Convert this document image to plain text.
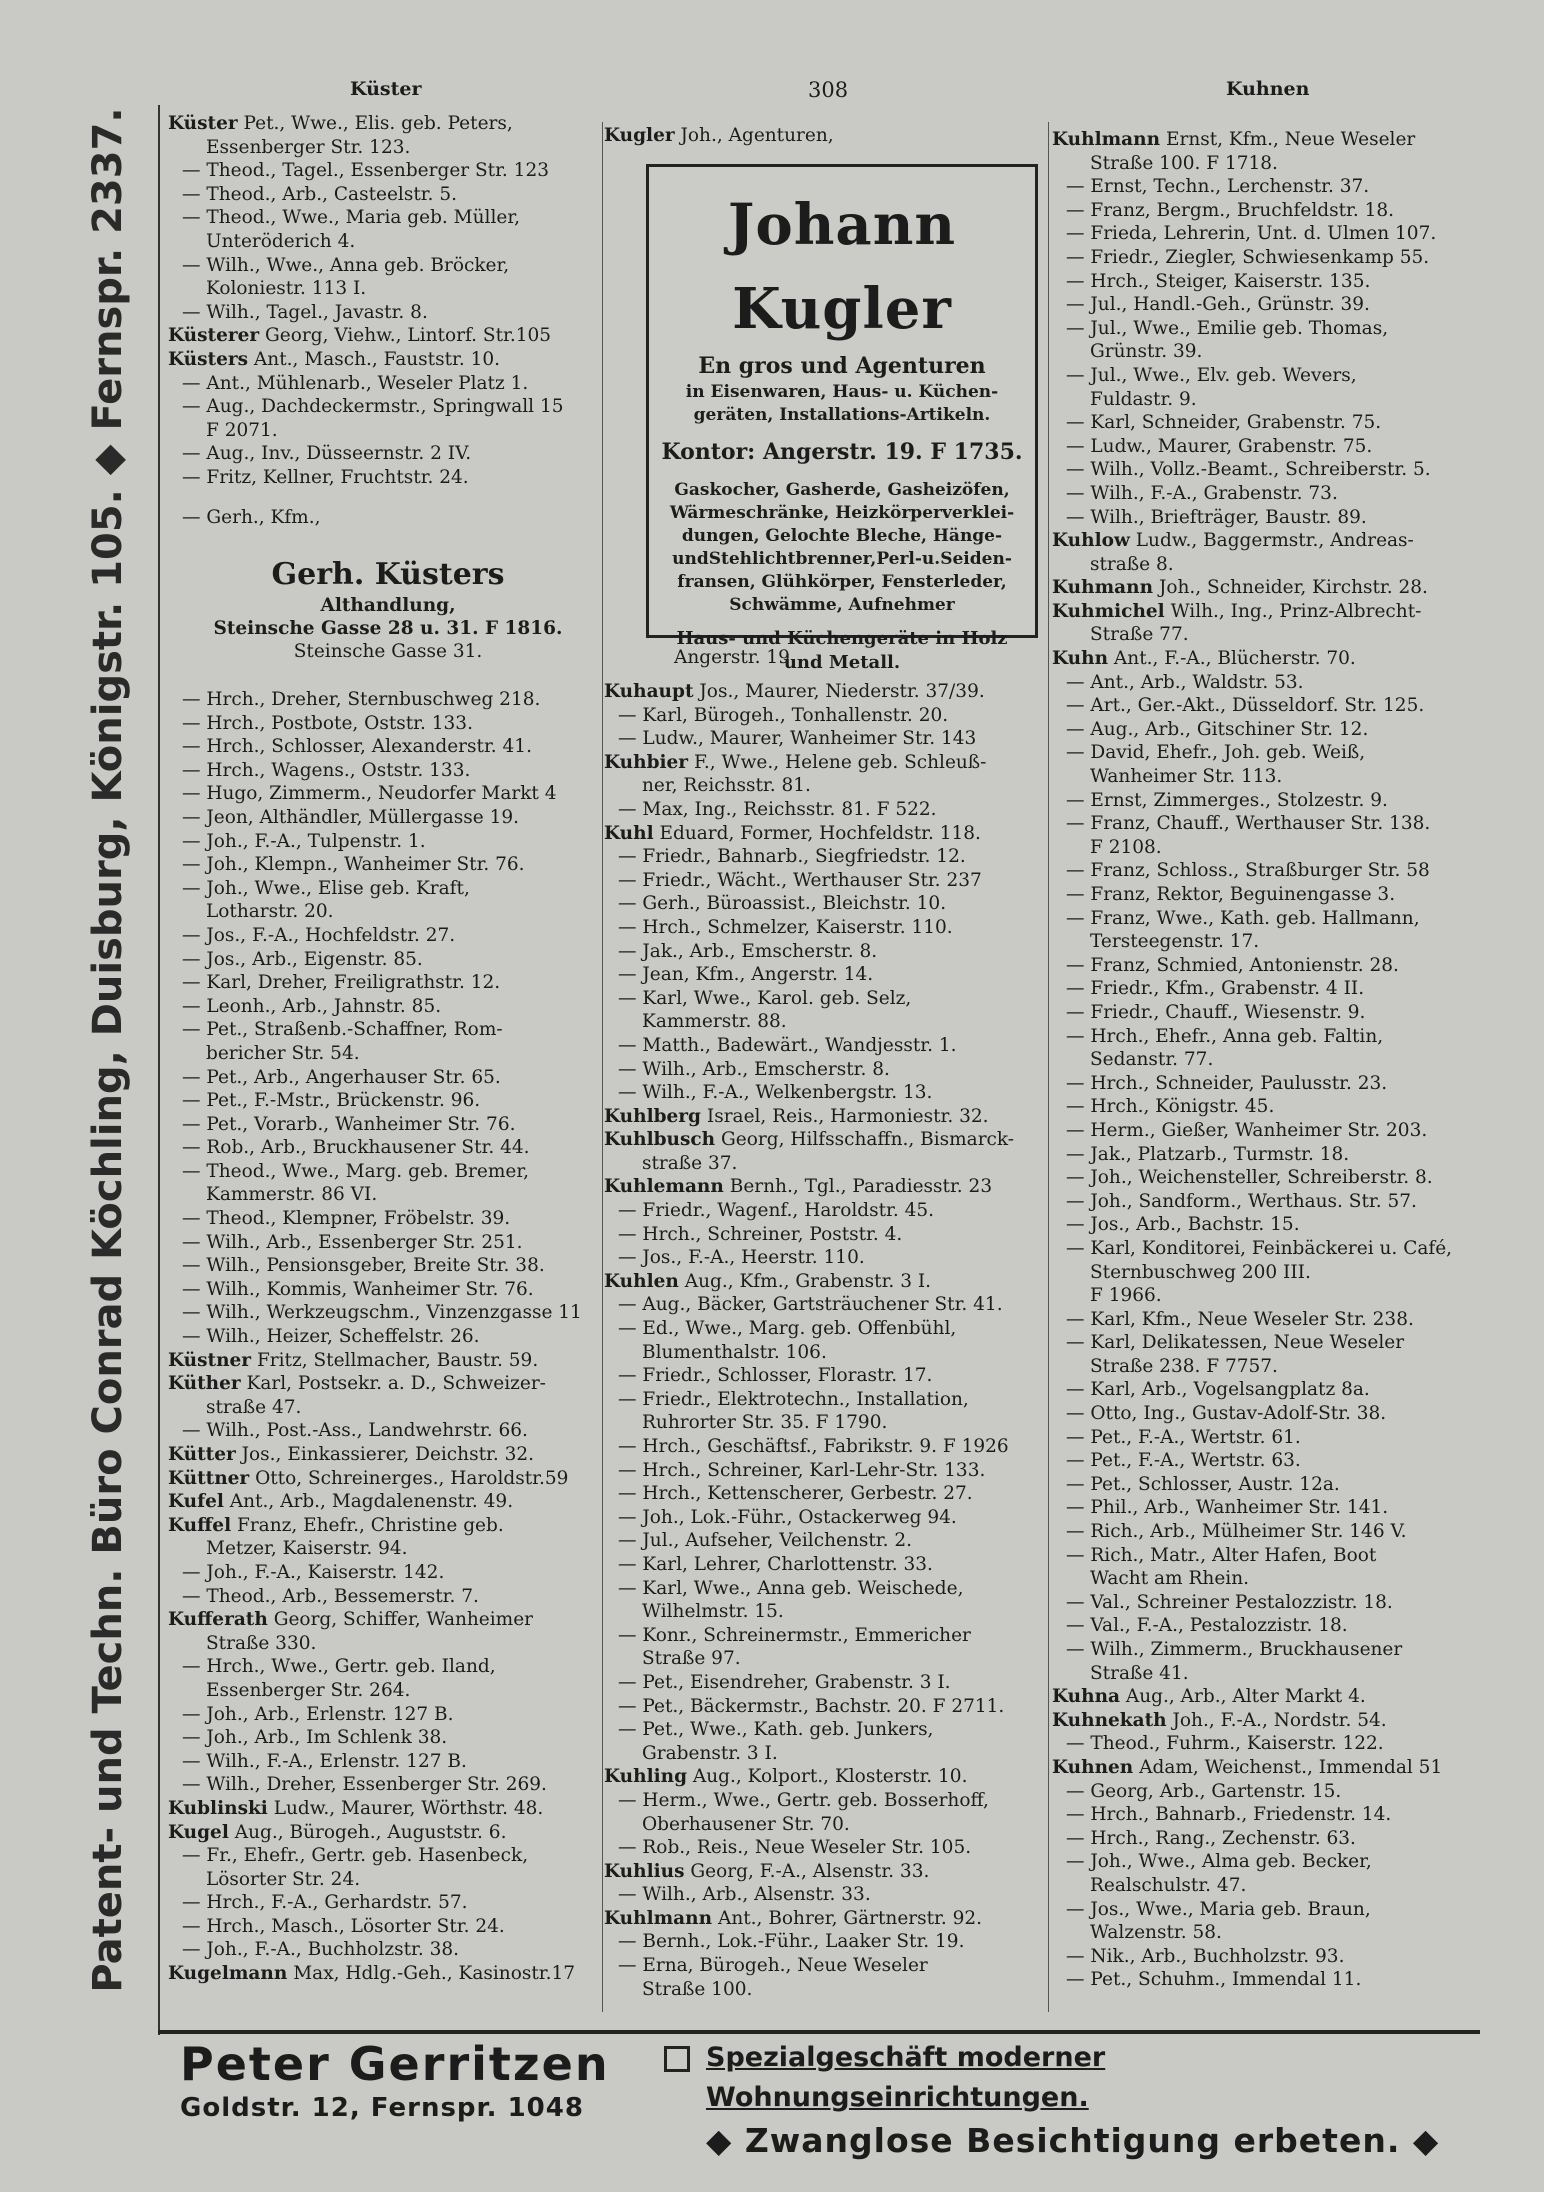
Patent- und Techn. Büro Conrad Köchling, Duisburg, Königstr. 105. ◆ Fernspr. 2337.
Küster	308	Kuhnen
Küster Pet., Wwe., Elis. geb. Peters,
Essenberger Str. 123.
— Theod., Tagel., Essenberger Str. 123
— Theod., Arb., Casteelstr. 5.
— Theod., Wwe., Maria geb. Müller,
Unteröderich 4.
— Wilh., Wwe., Anna geb. Bröcker,
Koloniestr. 113 I.
— Wilh., Tagel., Javastr. 8.
Küsterer Georg, Viehw., Lintorf. Str.105
Küsters Ant., Masch., Fauststr. 10.
— Ant., Mühlenarb., Weseler Platz 1.
— Aug., Dachdeckermstr., Springwall 15
F 2071.
— Aug., Inv., Düsseernstr. 2 IV.
— Fritz, Kellner, Fruchtstr. 24.
— Gerh., Kfm.,
Gerh. Küsters
Althandlung,
Steinsche Gasse 28 u. 31. F 1816.
Steinsche Gasse 31.
— Hrch., Dreher, Sternbuschweg 218.
— Hrch., Postbote, Oststr. 133.
— Hrch., Schlosser, Alexanderstr. 41.
— Hrch., Wagens., Oststr. 133.
— Hugo, Zimmerm., Neudorfer Markt 4
— Jeon, Althändler, Müllergasse 19.
— Joh., F.-A., Tulpenstr. 1.
— Joh., Klempn., Wanheimer Str. 76.
— Joh., Wwe., Elise geb. Kraft,
Lotharstr. 20.
— Jos., F.-A., Hochfeldstr. 27.
— Jos., Arb., Eigenstr. 85.
— Karl, Dreher, Freiligrathstr. 12.
— Leonh., Arb., Jahnstr. 85.
— Pet., Straßenb.-Schaffner, Rom-
bericher Str. 54.
— Pet., Arb., Angerhauser Str. 65.
— Pet., F.-Mstr., Brückenstr. 96.
— Pet., Vorarb., Wanheimer Str. 76.
— Rob., Arb., Bruckhausener Str. 44.
— Theod., Wwe., Marg. geb. Bremer,
Kammerstr. 86 VI.
— Theod., Klempner, Fröbelstr. 39.
— Wilh., Arb., Essenberger Str. 251.
— Wilh., Pensionsgeber, Breite Str. 38.
— Wilh., Kommis, Wanheimer Str. 76.
— Wilh., Werkzeugschm., Vinzenzgasse 11
— Wilh., Heizer, Scheffelstr. 26.
Küstner Fritz, Stellmacher, Baustr. 59.
Küther Karl, Postsekr. a. D., Schweizer-
straße 47.
— Wilh., Post.-Ass., Landwehrstr. 66.
Kütter Jos., Einkassierer, Deichstr. 32.
Küttner Otto, Schreinerges., Haroldstr.59
Kufel Ant., Arb., Magdalenenstr. 49.
Kuffel Franz, Ehefr., Christine geb.
Metzer, Kaiserstr. 94.
— Joh., F.-A., Kaiserstr. 142.
— Theod., Arb., Bessemerstr. 7.
Kufferath Georg, Schiffer, Wanheimer
Straße 330.
— Hrch., Wwe., Gertr. geb. Iland,
Essenberger Str. 264.
— Joh., Arb., Erlenstr. 127 B.
— Joh., Arb., Im Schlenk 38.
— Wilh., F.-A., Erlenstr. 127 B.
— Wilh., Dreher, Essenberger Str. 269.
Kublinski Ludw., Maurer, Wörthstr. 48.
Kugel Aug., Bürogeh., Auguststr. 6.
— Fr., Ehefr., Gertr. geb. Hasenbeck,
Lösorter Str. 24.
— Hrch., F.-A., Gerhardstr. 57.
— Hrch., Masch., Lösorter Str. 24.
— Joh., F.-A., Buchholzstr. 38.
Kugelmann Max, Hdlg.-Geh., Kasinostr.17
Kugler Joh., Agenturen,
Johann Kugler
En gros und Agenturen
in Eisenwaren, Haus- u. Küchen-
geräten, Installations-Artikeln.
Kontor: Angerstr. 19. F 1735.
Gaskocher, Gasherde, Gasheizöfen,
Wärmeschränke, Heizkörperverklei-
dungen, Gelochte Bleche, Hänge-
undStehlichtbrenner,Perl-u.Seiden-
fransen, Glühkörper, Fensterleder,
Schwämme, Aufnehmer
Haus- und Küchengeräte in Holz
und Metall.
Angerstr. 19.
Kuhaupt Jos., Maurer, Niederstr. 37/39.
— Karl, Bürogeh., Tonhallenstr. 20.
— Ludw., Maurer, Wanheimer Str. 143
Kuhbier F., Wwe., Helene geb. Schleuß-
ner, Reichsstr. 81.
— Max, Ing., Reichsstr. 81. F 522.
Kuhl Eduard, Former, Hochfeldstr. 118.
— Friedr., Bahnarb., Siegfriedstr. 12.
— Friedr., Wächt., Werthauser Str. 237
— Gerh., Büroassist., Bleichstr. 10.
— Hrch., Schmelzer, Kaiserstr. 110.
— Jak., Arb., Emscherstr. 8.
— Jean, Kfm., Angerstr. 14.
— Karl, Wwe., Karol. geb. Selz,
Kammerstr. 88.
— Matth., Badewärt., Wandjesstr. 1.
— Wilh., Arb., Emscherstr. 8.
— Wilh., F.-A., Welkenbergstr. 13.
Kuhlberg Israel, Reis., Harmoniestr. 32.
Kuhlbusch Georg, Hilfsschaffn., Bismarck-
straße 37.
Kuhlemann Bernh., Tgl., Paradiesstr. 23
— Friedr., Wagenf., Haroldstr. 45.
— Hrch., Schreiner, Poststr. 4.
— Jos., F.-A., Heerstr. 110.
Kuhlen Aug., Kfm., Grabenstr. 3 I.
— Aug., Bäcker, Gartsträuchener Str. 41.
— Ed., Wwe., Marg. geb. Offenbühl,
Blumenthalstr. 106.
— Friedr., Schlosser, Florastr. 17.
— Friedr., Elektrotechn., Installation,
Ruhrorter Str. 35. F 1790.
— Hrch., Geschäftsf., Fabrikstr. 9. F 1926
— Hrch., Schreiner, Karl-Lehr-Str. 133.
— Hrch., Kettenscherer, Gerbestr. 27.
— Joh., Lok.-Führ., Ostackerweg 94.
— Jul., Aufseher, Veilchenstr. 2.
— Karl, Lehrer, Charlottenstr. 33.
— Karl, Wwe., Anna geb. Weischede,
Wilhelmstr. 15.
— Konr., Schreinermstr., Emmericher
Straße 97.
— Pet., Eisendreher, Grabenstr. 3 I.
— Pet., Bäckermstr., Bachstr. 20. F 2711.
— Pet., Wwe., Kath. geb. Junkers,
Grabenstr. 3 I.
Kuhling Aug., Kolport., Klosterstr. 10.
— Herm., Wwe., Gertr. geb. Bosserhoff,
Oberhausener Str. 70.
— Rob., Reis., Neue Weseler Str. 105.
Kuhlius Georg, F.-A., Alsenstr. 33.
— Wilh., Arb., Alsenstr. 33.
Kuhlmann Ant., Bohrer, Gärtnerstr. 92.
— Bernh., Lok.-Führ., Laaker Str. 19.
— Erna, Bürogeh., Neue Weseler
Straße 100.
Kuhlmann Ernst, Kfm., Neue Weseler
Straße 100. F 1718.
— Ernst, Techn., Lerchenstr. 37.
— Franz, Bergm., Bruchfeldstr. 18.
— Frieda, Lehrerin, Unt. d. Ulmen 107.
— Friedr., Ziegler, Schwiesenkamp 55.
— Hrch., Steiger, Kaiserstr. 135.
— Jul., Handl.-Geh., Grünstr. 39.
— Jul., Wwe., Emilie geb. Thomas,
Grünstr. 39.
— Jul., Wwe., Elv. geb. Wevers,
Fuldastr. 9.
— Karl, Schneider, Grabenstr. 75.
— Ludw., Maurer, Grabenstr. 75.
— Wilh., Vollz.-Beamt., Schreiberstr. 5.
— Wilh., F.-A., Grabenstr. 73.
— Wilh., Briefträger, Baustr. 89.
Kuhlow Ludw., Baggermstr., Andreas-
straße 8.
Kuhmann Joh., Schneider, Kirchstr. 28.
Kuhmichel Wilh., Ing., Prinz-Albrecht-
Straße 77.
Kuhn Ant., F.-A., Blücherstr. 70.
— Ant., Arb., Waldstr. 53.
— Art., Ger.-Akt., Düsseldorf. Str. 125.
— Aug., Arb., Gitschiner Str. 12.
— David, Ehefr., Joh. geb. Weiß,
Wanheimer Str. 113.
— Ernst, Zimmerges., Stolzestr. 9.
— Franz, Chauff., Werthauser Str. 138.
F 2108.
— Franz, Schloss., Straßburger Str. 58
— Franz, Rektor, Beguinengasse 3.
— Franz, Wwe., Kath. geb. Hallmann,
Tersteegenstr. 17.
— Franz, Schmied, Antonienstr. 28.
— Friedr., Kfm., Grabenstr. 4 II.
— Friedr., Chauff., Wiesenstr. 9.
— Hrch., Ehefr., Anna geb. Faltin,
Sedanstr. 77.
— Hrch., Schneider, Paulusstr. 23.
— Hrch., Königstr. 45.
— Herm., Gießer, Wanheimer Str. 203.
— Jak., Platzarb., Turmstr. 18.
— Joh., Weichensteller, Schreiberstr. 8.
— Joh., Sandform., Werthaus. Str. 57.
— Jos., Arb., Bachstr. 15.
— Karl, Konditorei, Feinbäckerei u. Café,
Sternbuschweg 200 III.
F 1966.
— Karl, Kfm., Neue Weseler Str. 238.
— Karl, Delikatessen, Neue Weseler
Straße 238. F 7757.
— Karl, Arb., Vogelsangplatz 8a.
— Otto, Ing., Gustav-Adolf-Str. 38.
— Pet., F.-A., Wertstr. 61.
— Pet., F.-A., Wertstr. 63.
— Pet., Schlosser, Austr. 12a.
— Phil., Arb., Wanheimer Str. 141.
— Rich., Arb., Mülheimer Str. 146 V.
— Rich., Matr., Alter Hafen, Boot
Wacht am Rhein.
— Val., Schreiner Pestalozzistr. 18.
— Val., F.-A., Pestalozzistr. 18.
— Wilh., Zimmerm., Bruckhausener
Straße 41.
Kuhna Aug., Arb., Alter Markt 4.
Kuhnekath Joh., F.-A., Nordstr. 54.
— Theod., Fuhrm., Kaiserstr. 122.
Kuhnen Adam, Weichenst., Immendal 51
— Georg, Arb., Gartenstr. 15.
— Hrch., Bahnarb., Friedenstr. 14.
— Hrch., Rang., Zechenstr. 63.
— Joh., Wwe., Alma geb. Becker,
Realschulstr. 47.
— Jos., Wwe., Maria geb. Braun,
Walzenstr. 58.
— Nik., Arb., Buchholzstr. 93.
— Pet., Schuhm., Immendal 11.
Peter Gerritzen
Goldstr. 12, Fernspr. 1048
Spezialgeschäft moderner Wohnungseinrichtungen.
◆ Zwanglose Besichtigung erbeten. ◆
